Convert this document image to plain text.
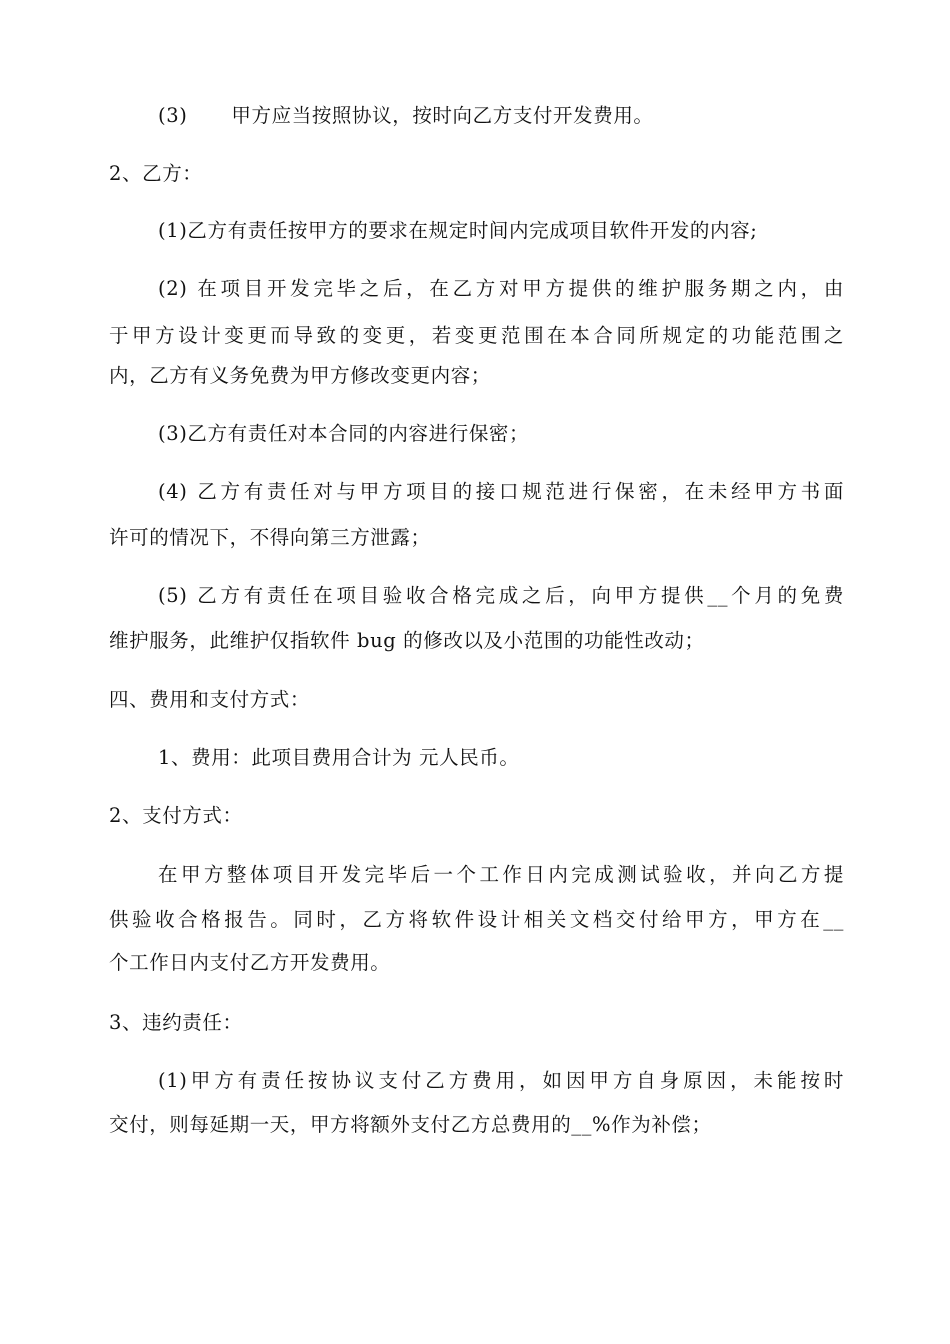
(3) 甲方应当按照协议，按时向乙方支付开发费用。
2、乙方：
(1)乙方有责任按甲方的要求在规定时间内完成项目软件开发的内容;
(2) 在项目开发完毕之后，在乙方对甲方提供的维护服务期之内，由
于甲方设计变更而导致的变更，若变更范围在本合同所规定的功能范围之
内，乙方有义务免费为甲方修改变更内容；
(3)乙方有责任对本合同的内容进行保密；
(4) 乙方有责任对与甲方项目的接口规范进行保密，在未经甲方书面
许可的情况下，不得向第三方泄露；
(5) 乙方有责任在项目验收合格完成之后，向甲方提供__个月的免费
维护服务，此维护仅指软件 bug 的修改以及小范围的功能性改动；
四、费用和支付方式：
1、费用：此项目费用合计为 元人民币。
2、支付方式：
在甲方整体项目开发完毕后一个工作日内完成测试验收，并向乙方提
供验收合格报告。同时，乙方将软件设计相关文档交付给甲方，甲方在__
个工作日内支付乙方开发费用。
3、违约责任：
(1)甲方有责任按协议支付乙方费用，如因甲方自身原因，未能按时
交付，则每延期一天，甲方将额外支付乙方总费用的__%作为补偿；
